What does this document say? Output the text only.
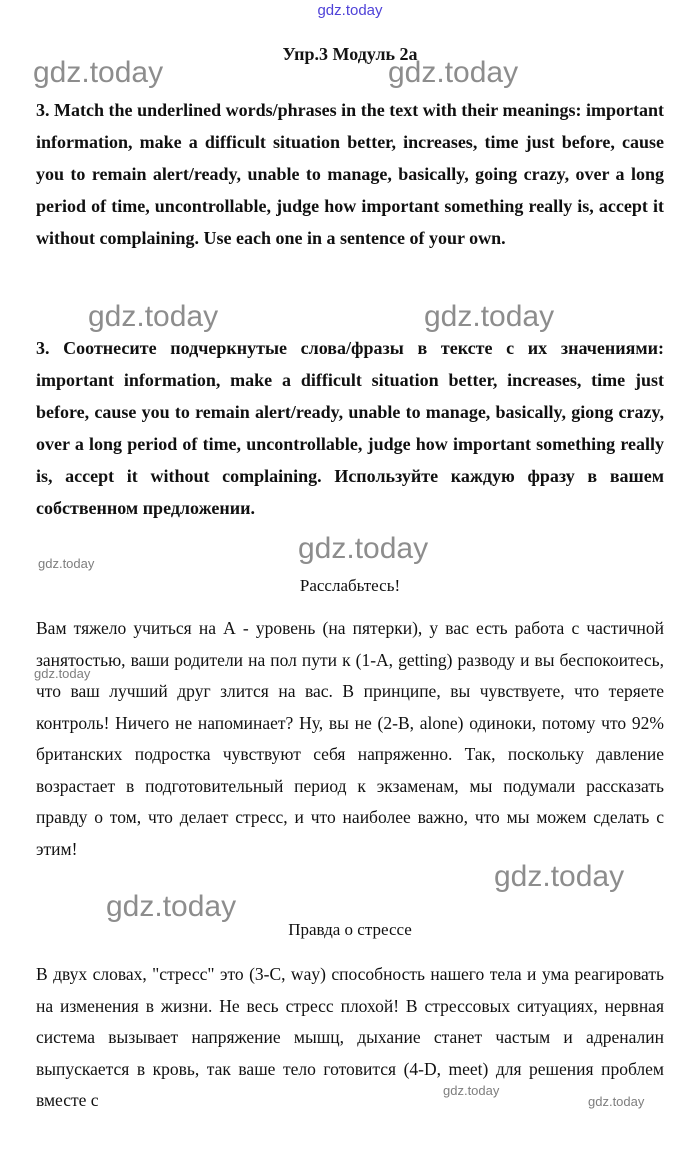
gdz.today
Упр.3 Модуль 2a

3. Match the underlined words/phrases in the text with their meanings: important information, make a difficult situation better, increases, time just before, cause you to remain alert/ready, unable to manage, basically, going crazy, over a long period of time, uncontrollable, judge how important something really is, accept it without complaining. Use each one in a sentence of your own.

3. Соотнесите подчеркнутые слова/фразы в тексте с их значениями: important information, make a difficult situation better, increases, time just before, cause you to remain alert/ready, unable to manage, basically, giong crazy, over a long period of time, uncontrollable, judge how important something really is, accept it without complaining. Используйте каждую фразу в вашем собственном предложении.

Расслабьтесь!

Вам тяжело учиться на А - уровень (на пятерки), у вас есть работа с частичной занятостью, ваши родители на пол пути к (1-A, getting) разводу и вы беспокоитесь, что ваш лучший друг злится на вас. В принципе, вы чувствуете, что теряете контроль! Ничего не напоминает? Ну, вы не (2-B, alone) одиноки, потому что 92% британских подростка чувствуют себя напряженно. Так, поскольку давление возрастает в подготовительный период к экзаменам, мы подумали рассказать правду о том, что делает стресс, и что наиболее важно, что мы можем сделать с этим!

Правда о стрессе

В двух словах, "стресс" это (3-C, way) способность нашего тела и ума реагировать на изменения в жизни. Не весь стресс плохой! В стрессовых ситуациях, нервная система вызывает напряжение мышц, дыхание станет частым и адреналин выпускается в кровь, так ваше тело готовится (4-D, meet) для решения проблем вместе с

gdz.today	gdz.today
gdz.today	gdz.today
gdz.today
gdz.today
gdz.today
gdz.today
gdz.today
gdz.today
gdz.today
